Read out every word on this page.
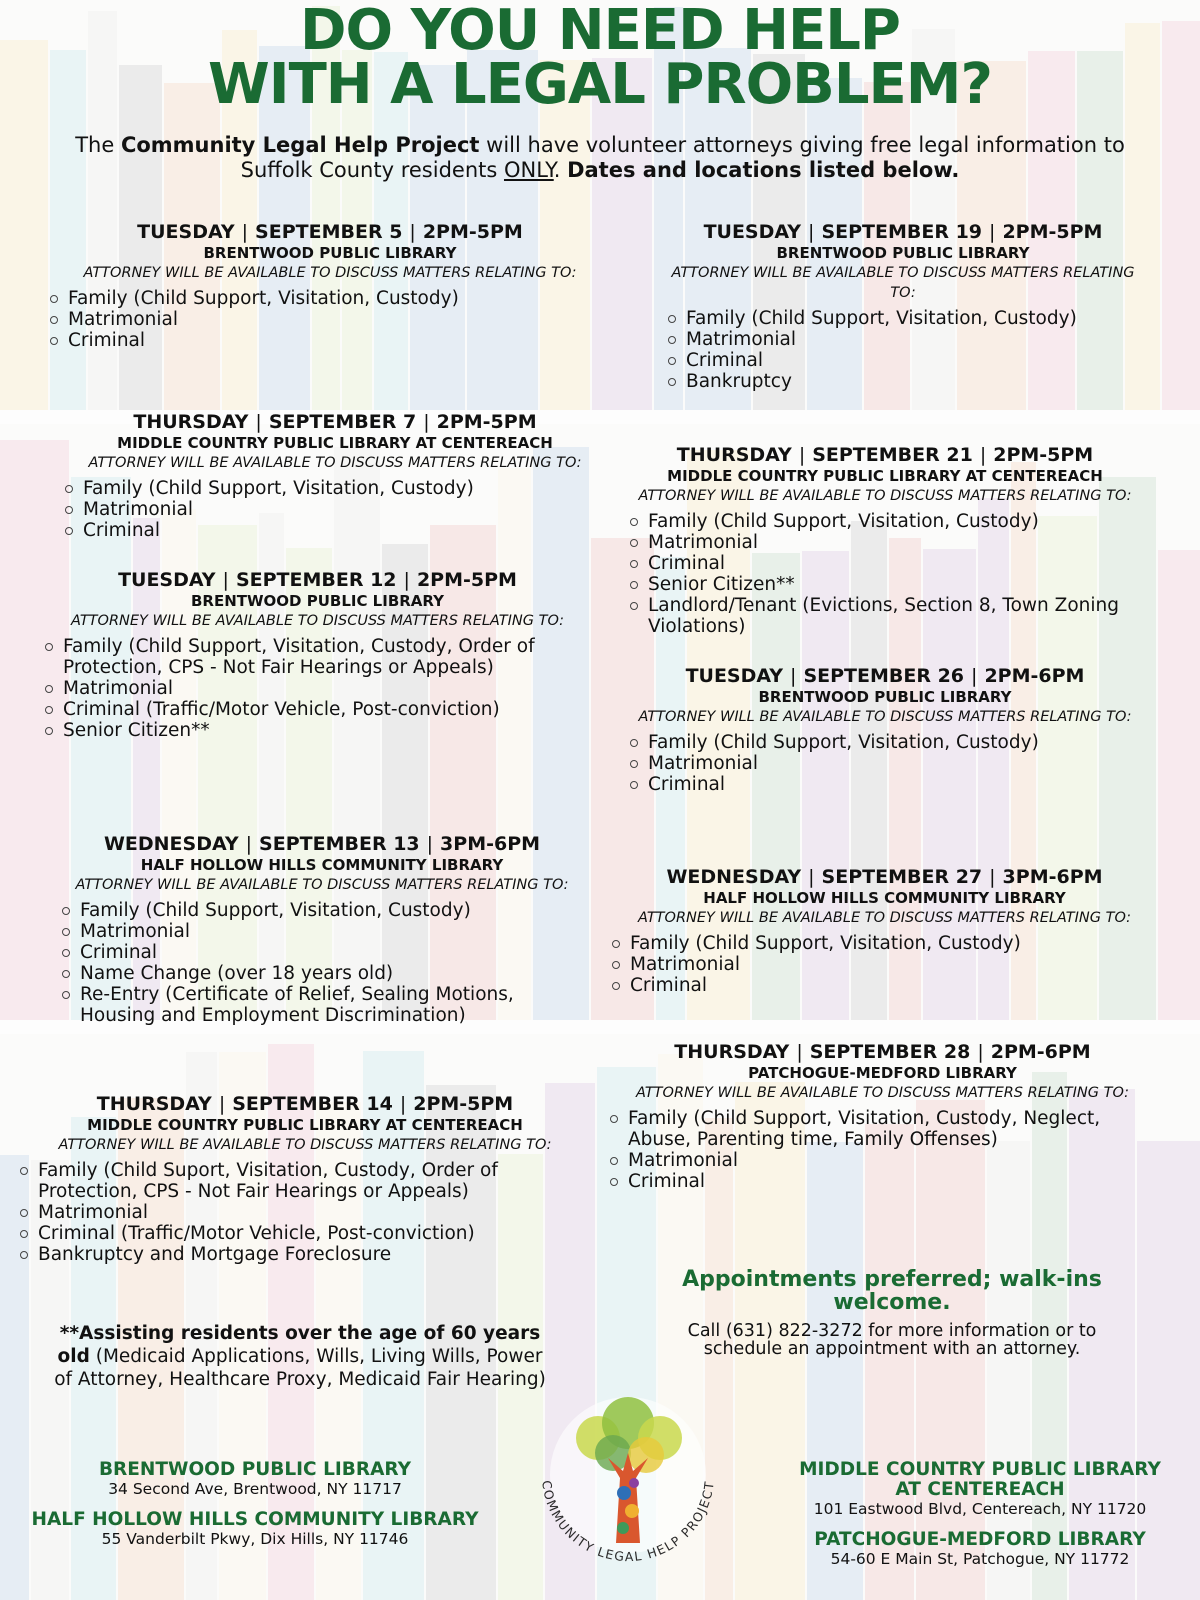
DO YOU NEED HELP
WITH A LEGAL PROBLEM?
The Community Legal Help Project will have volunteer attorneys giving free legal information to Suffolk County residents ONLY. Dates and locations listed below.
TUESDAY | SEPTEMBER 5 | 2PM-5PM
BRENTWOOD PUBLIC LIBRARY
ATTORNEY WILL BE AVAILABLE TO DISCUSS MATTERS RELATING TO:
Family (Child Support, Visitation, Custody)
Matrimonial
Criminal
THURSDAY | SEPTEMBER 7 | 2PM-5PM
MIDDLE COUNTRY PUBLIC LIBRARY AT CENTEREACH
ATTORNEY WILL BE AVAILABLE TO DISCUSS MATTERS RELATING TO:
Family (Child Support, Visitation, Custody)
Matrimonial
Criminal
TUESDAY | SEPTEMBER 12 | 2PM-5PM
BRENTWOOD PUBLIC LIBRARY
ATTORNEY WILL BE AVAILABLE TO DISCUSS MATTERS RELATING TO:
Family (Child Support, Visitation, Custody, Order of Protection, CPS - Not Fair Hearings or Appeals)
Matrimonial
Criminal (Traffic/Motor Vehicle, Post-conviction)
Senior Citizen**
WEDNESDAY | SEPTEMBER 13 | 3PM-6PM
HALF HOLLOW HILLS COMMUNITY LIBRARY
ATTORNEY WILL BE AVAILABLE TO DISCUSS MATTERS RELATING TO:
Family (Child Support, Visitation, Custody)
Matrimonial
Criminal
Name Change (over 18 years old)
Re-Entry (Certificate of Relief, Sealing Motions, Housing and Employment Discrimination)
THURSDAY | SEPTEMBER 14 | 2PM-5PM
MIDDLE COUNTRY PUBLIC LIBRARY AT CENTEREACH
ATTORNEY WILL BE AVAILABLE TO DISCUSS MATTERS RELATING TO:
Family (Child Suport, Visitation, Custody, Order of Protection, CPS - Not Fair Hearings or Appeals)
Matrimonial
Criminal (Traffic/Motor Vehicle, Post-conviction)
Bankruptcy and Mortgage Foreclosure
TUESDAY | SEPTEMBER 19 | 2PM-5PM
BRENTWOOD PUBLIC LIBRARY
ATTORNEY WILL BE AVAILABLE TO DISCUSS MATTERS RELATING TO:
Family (Child Support, Visitation, Custody)
Matrimonial
Criminal
Bankruptcy
THURSDAY | SEPTEMBER 21 | 2PM-5PM
MIDDLE COUNTRY PUBLIC LIBRARY AT CENTEREACH
ATTORNEY WILL BE AVAILABLE TO DISCUSS MATTERS RELATING TO:
Family (Child Support, Visitation, Custody)
Matrimonial
Criminal
Senior Citizen**
Landlord/Tenant (Evictions, Section 8, Town Zoning Violations)
TUESDAY | SEPTEMBER 26 | 2PM-6PM
BRENTWOOD PUBLIC LIBRARY
ATTORNEY WILL BE AVAILABLE TO DISCUSS MATTERS RELATING TO:
Family (Child Support, Visitation, Custody)
Matrimonial
Criminal
WEDNESDAY | SEPTEMBER 27 | 3PM-6PM
HALF HOLLOW HILLS COMMUNITY LIBRARY
ATTORNEY WILL BE AVAILABLE TO DISCUSS MATTERS RELATING TO:
Family (Child Support, Visitation, Custody)
Matrimonial
Criminal
THURSDAY | SEPTEMBER 28 | 2PM-6PM
PATCHOGUE-MEDFORD LIBRARY
ATTORNEY WILL BE AVAILABLE TO DISCUSS MATTERS RELATING TO:
Family (Child Support, Visitation, Custody, Neglect, Abuse, Parenting time, Family Offenses)
Matrimonial
Criminal
**Assisting residents over the age of 60 years old (Medicaid Applications, Wills, Living Wills, Power of Attorney, Healthcare Proxy, Medicaid Fair Hearing)
Appointments preferred; walk-ins welcome.
Call (631) 822-3272 for more information or to schedule an appointment with an attorney.
BRENTWOOD PUBLIC LIBRARY
34 Second Ave, Brentwood, NY 11717
HALF HOLLOW HILLS COMMUNITY LIBRARY
55 Vanderbilt Pkwy, Dix Hills, NY 11746
MIDDLE COUNTRY PUBLIC LIBRARY AT CENTEREACH
101 Eastwood Blvd, Centereach, NY 11720
PATCHOGUE-MEDFORD LIBRARY
54-60 E Main St, Patchogue, NY 11772
COMMUNITY LEGAL HELP PROJECT
